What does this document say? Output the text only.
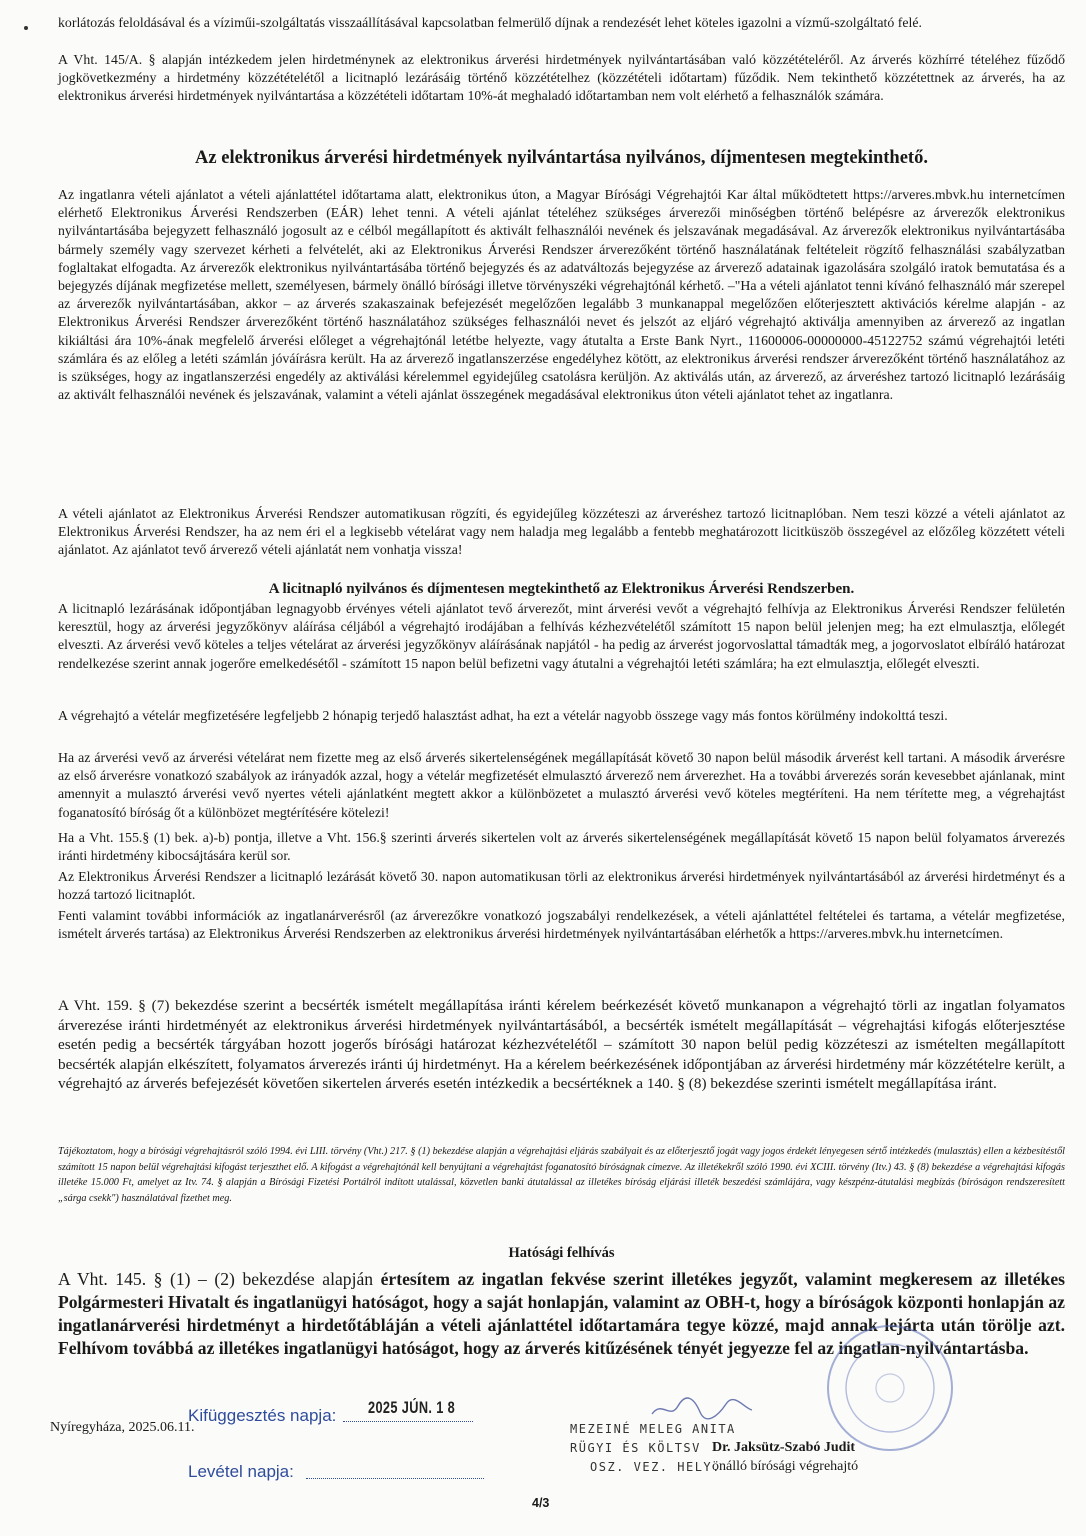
korlátozás feloldásával és a víziműi-szolgáltatás visszaállításával kapcsolatban felmerülő díjnak a rendezését lehet köteles igazolni a vízmű-szolgáltató felé.

A Vht. 145/A. § alapján intézkedem jelen hirdetménynek az elektronikus árverési hirdetmények nyilvántartásában való közzétételéről. Az árverés közhírré tételéhez fűződő jogkövetkezmény a hirdetmény közzétételétől a licitnapló lezárásáig történő közzétételhez (közzétételi időtartam) fűződik. Nem tekinthető közzétettnek az árverés, ha az elektronikus árverési hirdetmények nyilvántartása a közzétételi időtartam 10%-át meghaladó időtartamban nem volt elérhető a felhasználók számára.

Az elektronikus árverési hirdetmények nyilvántartása nyilvános, díjmentesen megtekinthető.

Az ingatlanra vételi ajánlatot a vételi ajánlattétel időtartama alatt, elektronikus úton, a Magyar Bírósági Végrehajtói Kar által működtetett https://arveres.mbvk.hu internetcímen elérhető Elektronikus Árverési Rendszerben (EÁR) lehet tenni. A vételi ajánlat tételéhez szükséges árverezői minőségben történő belépésre az árverezők elektronikus nyilvántartásába bejegyzett felhasználó jogosult az e célból megállapított és aktivált felhasználói nevének és jelszavának megadásával. Az árverezők elektronikus nyilvántartásába bármely személy vagy szervezet kérheti a felvételét, aki az Elektronikus Árverési Rendszer árverezőként történő használatának feltételeit rögzítő felhasználási szabályzatban foglaltakat elfogadta. Az árverezők elektronikus nyilvántartásába történő bejegyzés és az adatváltozás bejegyzése az árverező adatainak igazolására szolgáló iratok bemutatása és a bejegyzés díjának megfizetése mellett, személyesen, bármely önálló bírósági illetve törvényszéki végrehajtónál kérhető. –"Ha a vételi ajánlatot tenni kívánó felhasználó már szerepel az árverezők nyilvántartásában, akkor – az árverés szakaszainak befejezését megelőzően legalább 3 munkanappal megelőzően előterjesztett aktivációs kérelme alapján - az Elektronikus Árverési Rendszer árverezőként történő használatához szükséges felhasználói nevet és jelszót az eljáró végrehajtó aktiválja amennyiben az árverező az ingatlan kikiáltási ára 10%-ának megfelelő árverési előleget a végrehajtónál letétbe helyezte, vagy átutalta a Erste Bank Nyrt., 11600006-00000000-45122752 számú végrehajtói letéti számlára és az előleg a letéti számlán jóváírásra került. Ha az árverező ingatlanszerzése engedélyhez kötött, az elektronikus árverési rendszer árverezőként történő használatához az is szükséges, hogy az ingatlanszerzési engedély az aktiválási kérelemmel egyidejűleg csatolásra kerüljön. Az aktiválás után, az árverező, az árveréshez tartozó licitnapló lezárásáig az aktivált felhasználói nevének és jelszavának, valamint a vételi ajánlat összegének megadásával elektronikus úton vételi ajánlatot tehet az ingatlanra.

A vételi ajánlatot az Elektronikus Árverési Rendszer automatikusan rögzíti, és egyidejűleg közzéteszi az árveréshez tartozó licitnaplóban. Nem teszi közzé a vételi ajánlatot az Elektronikus Árverési Rendszer, ha az nem éri el a legkisebb vételárat vagy nem haladja meg legalább a fentebb meghatározott licitküszöb összegével az előzőleg közzétett vételi ajánlatot. Az ajánlatot tevő árverező vételi ajánlatát nem vonhatja vissza!

A licitnapló nyilvános és díjmentesen megtekinthető az Elektronikus Árverési Rendszerben.

A licitnapló lezárásának időpontjában legnagyobb érvényes vételi ajánlatot tevő árverezőt, mint árverési vevőt a végrehajtó felhívja az Elektronikus Árverési Rendszer felületén keresztül, hogy az árverési jegyzőkönyv aláírása céljából a végrehajtó irodájában a felhívás kézhezvételétől számított 15 napon belül jelenjen meg; ha ezt elmulasztja, előlegét elveszti. Az árverési vevő köteles a teljes vételárat az árverési jegyzőkönyv aláírásának napjától - ha pedig az árverést jogorvoslattal támadták meg, a jogorvoslatot elbíráló határozat rendelkezése szerint annak jogerőre emelkedésétől - számított 15 napon belül befizetni vagy átutalni a végrehajtói letéti számlára; ha ezt elmulasztja, előlegét elveszti.

A végrehajtó a vételár megfizetésére legfeljebb 2 hónapig terjedő halasztást adhat, ha ezt a vételár nagyobb összege vagy más fontos körülmény indokolttá teszi.

Ha az árverési vevő az árverési vételárat nem fizette meg az első árverés sikertelenségének megállapítását követő 30 napon belül második árverést kell tartani. A második árverésre az első árverésre vonatkozó szabályok az irányadók azzal, hogy a vételár megfizetését elmulasztó árverező nem árverezhet. Ha a további árverezés során kevesebbet ajánlanak, mint amennyit a mulasztó árverési vevő nyertes vételi ajánlatként megtett akkor a különbözetet a mulasztó árverési vevő köteles megtéríteni. Ha nem térítette meg, a végrehajtást foganatosító bíróság őt a különbözet megtérítésére kötelezi!

Ha a Vht. 155.§ (1) bek. a)-b) pontja, illetve a Vht. 156.§ szerinti árverés sikertelen volt az árverés sikertelenségének megállapítását követő 15 napon belül folyamatos árverezés iránti hirdetmény kibocsájtására kerül sor.

Az Elektronikus Árverési Rendszer a licitnapló lezárását követő 30. napon automatikusan törli az elektronikus árverési hirdetmények nyilvántartásából az árverési hirdetményt és a hozzá tartozó licitnaplót.

Fenti valamint további információk az ingatlanárverésről (az árverezőkre vonatkozó jogszabályi rendelkezések, a vételi ajánlattétel feltételei és tartama, a vételár megfizetése, ismételt árverés tartása) az Elektronikus Árverési Rendszerben az elektronikus árverési hirdetmények nyilvántartásában elérhetők a https://arveres.mbvk.hu internetcímen.

A Vht. 159. § (7) bekezdése szerint a becsérték ismételt megállapítása iránti kérelem beérkezését követő munkanapon a végrehajtó törli az ingatlan folyamatos árverezése iránti hirdetményét az elektronikus árverési hirdetmények nyilvántartásából, a becsérték ismételt megállapítását – végrehajtási kifogás előterjesztése esetén pedig a becsérték tárgyában hozott jogerős bírósági határozat kézhezvételétől – számított 30 napon belül pedig közzéteszi az ismételten megállapított becsérték alapján elkészített, folyamatos árverezés iránti új hirdetményt. Ha a kérelem beérkezésének időpontjában az árverési hirdetmény már közzétételre került, a végrehajtó az árverés befejezését követően sikertelen árverés esetén intézkedik a becsértéknek a 140. § (8) bekezdése szerinti ismételt megállapítása iránt.

Tájékoztatom, hogy a bírósági végrehajtásról szóló 1994. évi LIII. törvény (Vht.) 217. § (1) bekezdése alapján a végrehajtási eljárás szabályait és az előterjesztő jogát vagy jogos érdekét lényegesen sértő intézkedés (mulasztás) ellen a kézbesítéstől számított 15 napon belül végrehajtási kifogást terjeszthet elő. A kifogást a végrehajtónál kell benyújtani a végrehajtást foganatosító bíróságnak címezve. Az illetékekről szóló 1990. évi XCIII. törvény (Itv.) 43. § (8) bekezdése a végrehajtási kifogás illetéke 15.000 Ft, amelyet az Itv. 74. § alapján a Bírósági Fizetési Portálról indított utalással, közvetlen banki átutalással az illetékes bíróság eljárási illeték beszedési számlájára, vagy készpénz-átutalási megbízás (bíróságon rendszeresített „sárga csekk") használatával fizethet meg.

Hatósági felhívás

A Vht. 145. § (1) – (2) bekezdése alapján értesítem az ingatlan fekvése szerint illetékes jegyzőt, valamint megkeresem az illetékes Polgármesteri Hivatalt és ingatlanügyi hatóságot, hogy a saját honlapján, valamint az OBH-t, hogy a bíróságok központi honlapján az ingatlanárverési hirdetményt a hirdetőtábláján a vételi ajánlattétel időtartamára tegye közzé, majd annak lejárta után törölje azt. Felhívom továbbá az illetékes ingatlanügyi hatóságot, hogy az árverés kitűzésének tényét jegyezze fel az ingatlan-nyilvántartásba.

Kifüggesztés napja: 2025 JÚN. 1 8
Nyíregyháza, 2025.06.11.	MEZEINÉ MELEG ANITA
RÜGYI ÉS KÖLTSV Dr. Jaksütz-Szabó Judit
OSZ. VEZ. HELY.
önálló bírósági végrehajtó
Levétel napja:
4/3
